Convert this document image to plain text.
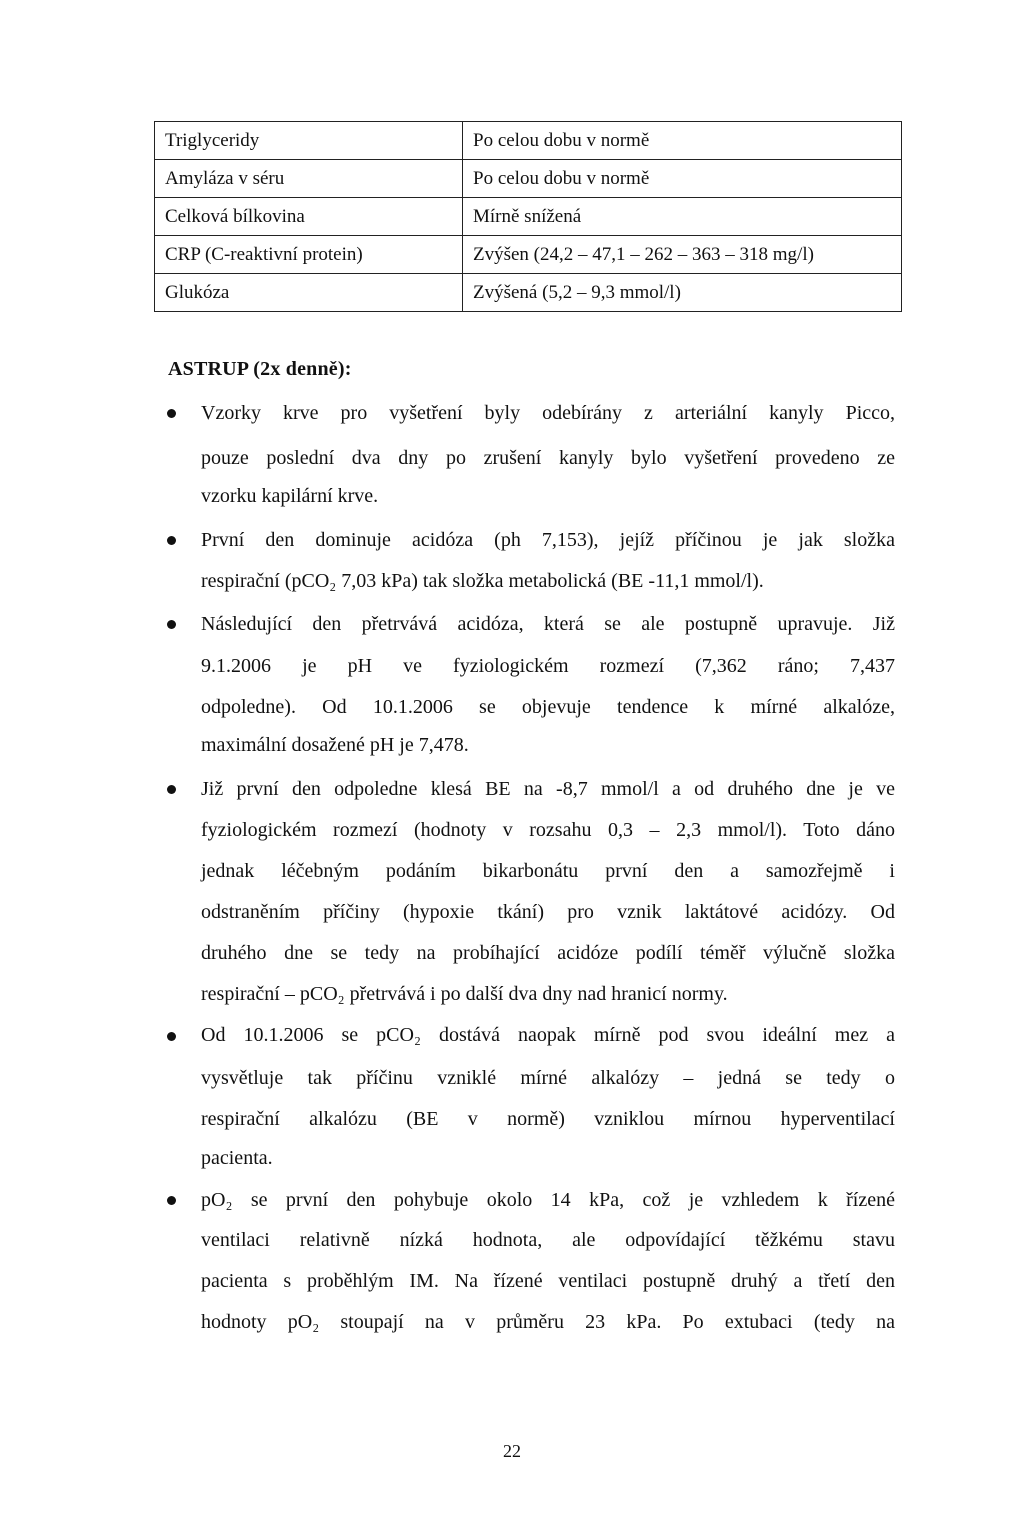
Triglyceridy	Po celou dobu v normě
Amyláza v séru	Po celou dobu v normě
Celková bílkovina	Mírně snížená
CRP (C-reaktivní protein)	Zvýšen (24,2 – 47,1 – 262 – 363 – 318 mg/l)
Glukóza	Zvýšená (5,2 – 9,3 mmol/l)
ASTRUP (2x denně):
Vzorky krve pro vyšetření byly odebírány z arteriální kanyly Picco,
pouze poslední dva dny po zrušení kanyly bylo vyšetření provedeno ze
vzorku kapilární krve.
První den dominuje acidóza (ph 7,153), jejíž příčinou je jak složka
respirační (pCO₂ 7,03 kPa) tak složka metabolická (BE -11,1 mmol/l).
Následující den přetrvává acidóza, která se ale postupně upravuje. Již
9.1.2006 je pH ve fyziologickém rozmezí (7,362 ráno; 7,437
odpoledne). Od 10.1.2006 se objevuje tendence k mírné alkalóze,
maximální dosažené pH je 7,478.
Již první den odpoledne klesá BE na -8,7 mmol/l a od druhého dne je ve
fyziologickém rozmezí (hodnoty v rozsahu 0,3 – 2,3 mmol/l). Toto dáno
jednak léčebným podáním bikarbonátu první den a samozřejmě i
odstraněním příčiny (hypoxie tkání) pro vznik laktátové acidózy. Od
druhého dne se tedy na probíhající acidóze podílí téměř výlučně složka
respirační – pCO₂ přetrvává i po další dva dny nad hranicí normy.
Od 10.1.2006 se pCO₂ dostává naopak mírně pod svou ideální mez a
vysvětluje tak příčinu vzniklé mírné alkalózy – jedná se tedy o
respirační alkalózu (BE v normě) vzniklou mírnou hyperventilací
pacienta.
pO₂ se první den pohybuje okolo 14 kPa, což je vzhledem k řízené
ventilaci relativně nízká hodnota, ale odpovídající těžkému stavu
pacienta s proběhlým IM. Na řízené ventilaci postupně druhý a třetí den
hodnoty pO₂ stoupají na v průměru 23 kPa. Po extubaci (tedy na
22
